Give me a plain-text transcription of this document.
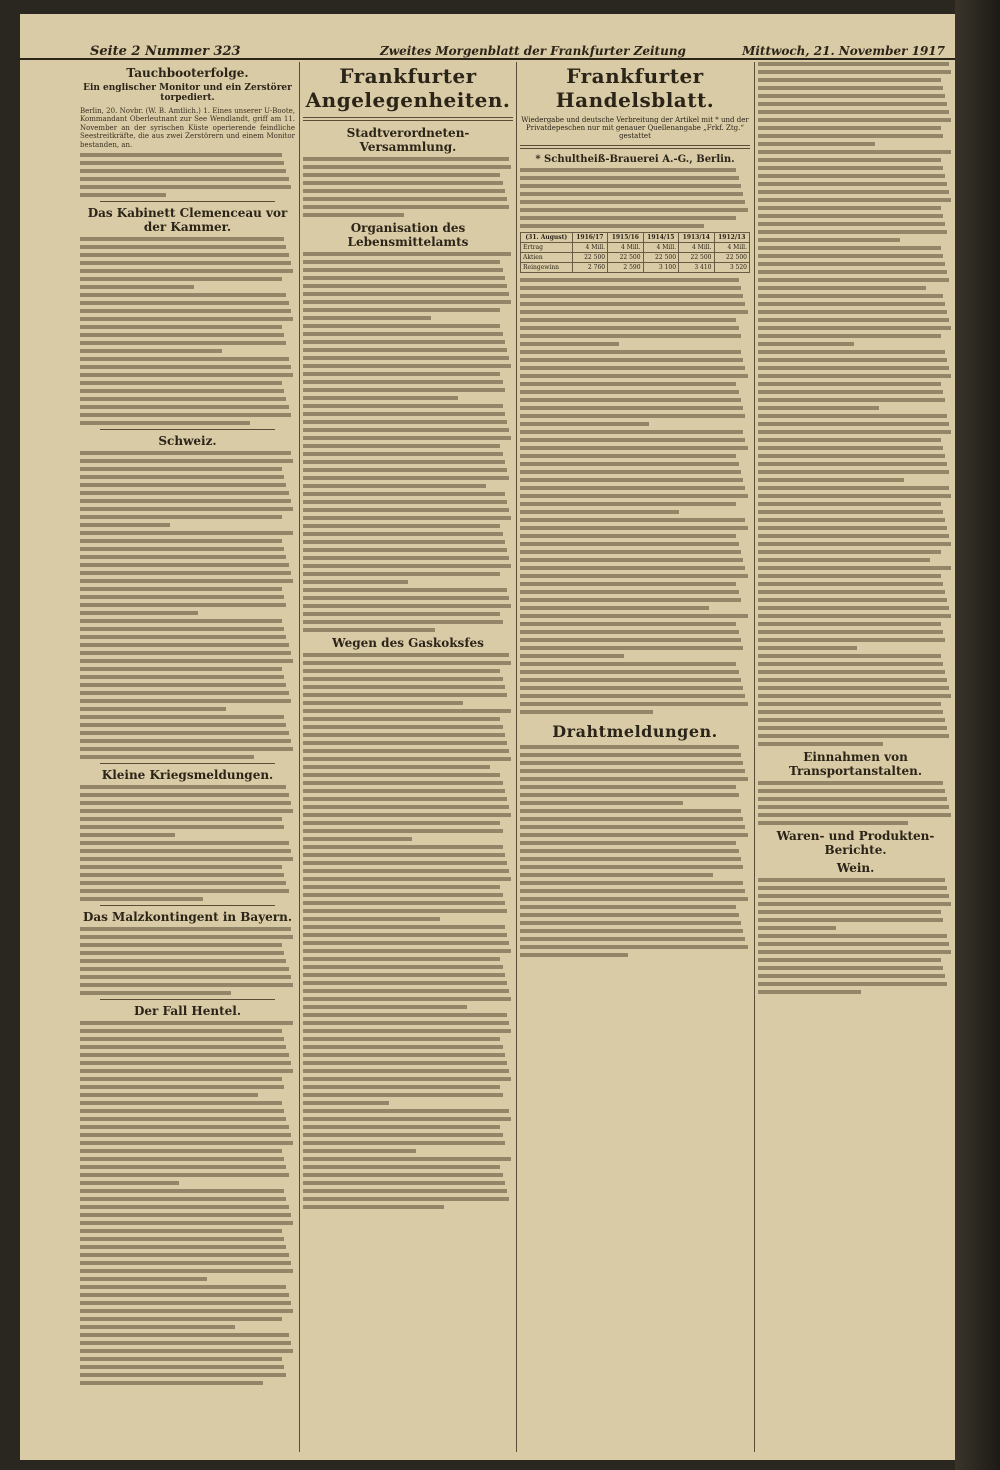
Seite 2 Nummer 323	Zweites Morgenblatt der Frankfurter Zeitung	Mittwoch, 21. November 1917
Tauchbooterfolge.
Ein englischer Monitor und ein Zerstörer torpediert.

Berlin, 20. Novbr. (W. B. Amtlich.) 1. Eines unserer U-Boote, Kommandant Oberleutnant zur See Wendlandt, griff am 11. November an der syrischen Küste operierende feindliche Seestreitkräfte, die aus zwei Zerstörern und einem Monitor bestanden, an.

Das Kabinett Clemenceau vor der Kammer.

Schweiz.

Kleine Kriegsmeldungen.

Das Malzkontingent in Bayern.

Der Fall Hentel.

Frankfurter Angelegenheiten.
Stadtverordneten-Versammlung.

Organisation des Lebensmittelamts

Wegen des Gaskoksfes

Frankfurter Handelsblatt.
Wiedergabe und deutsche Verbreitung der Artikel mit * und der Privatdepeschen nur mit genauer Quellenangabe „Frkf. Ztg.“ gestattet
* Schultheiß-Brauerei A.-G., Berlin.

(31. August)	1916/17	1915/16	1914/15	1913/14	1912/13
Ertrag	4 Mill.	4 Mill.	4 Mill.	4 Mill.	4 Mill.
Aktien	22 500	22 500	22 500	22 500	22 500
Reingewinn	2 760	2 590	3 100	3 410	3 520

Drahtmeldungen.

Einnahmen von Transportanstalten.

Waren- und Produkten-Berichte.
Wein.
